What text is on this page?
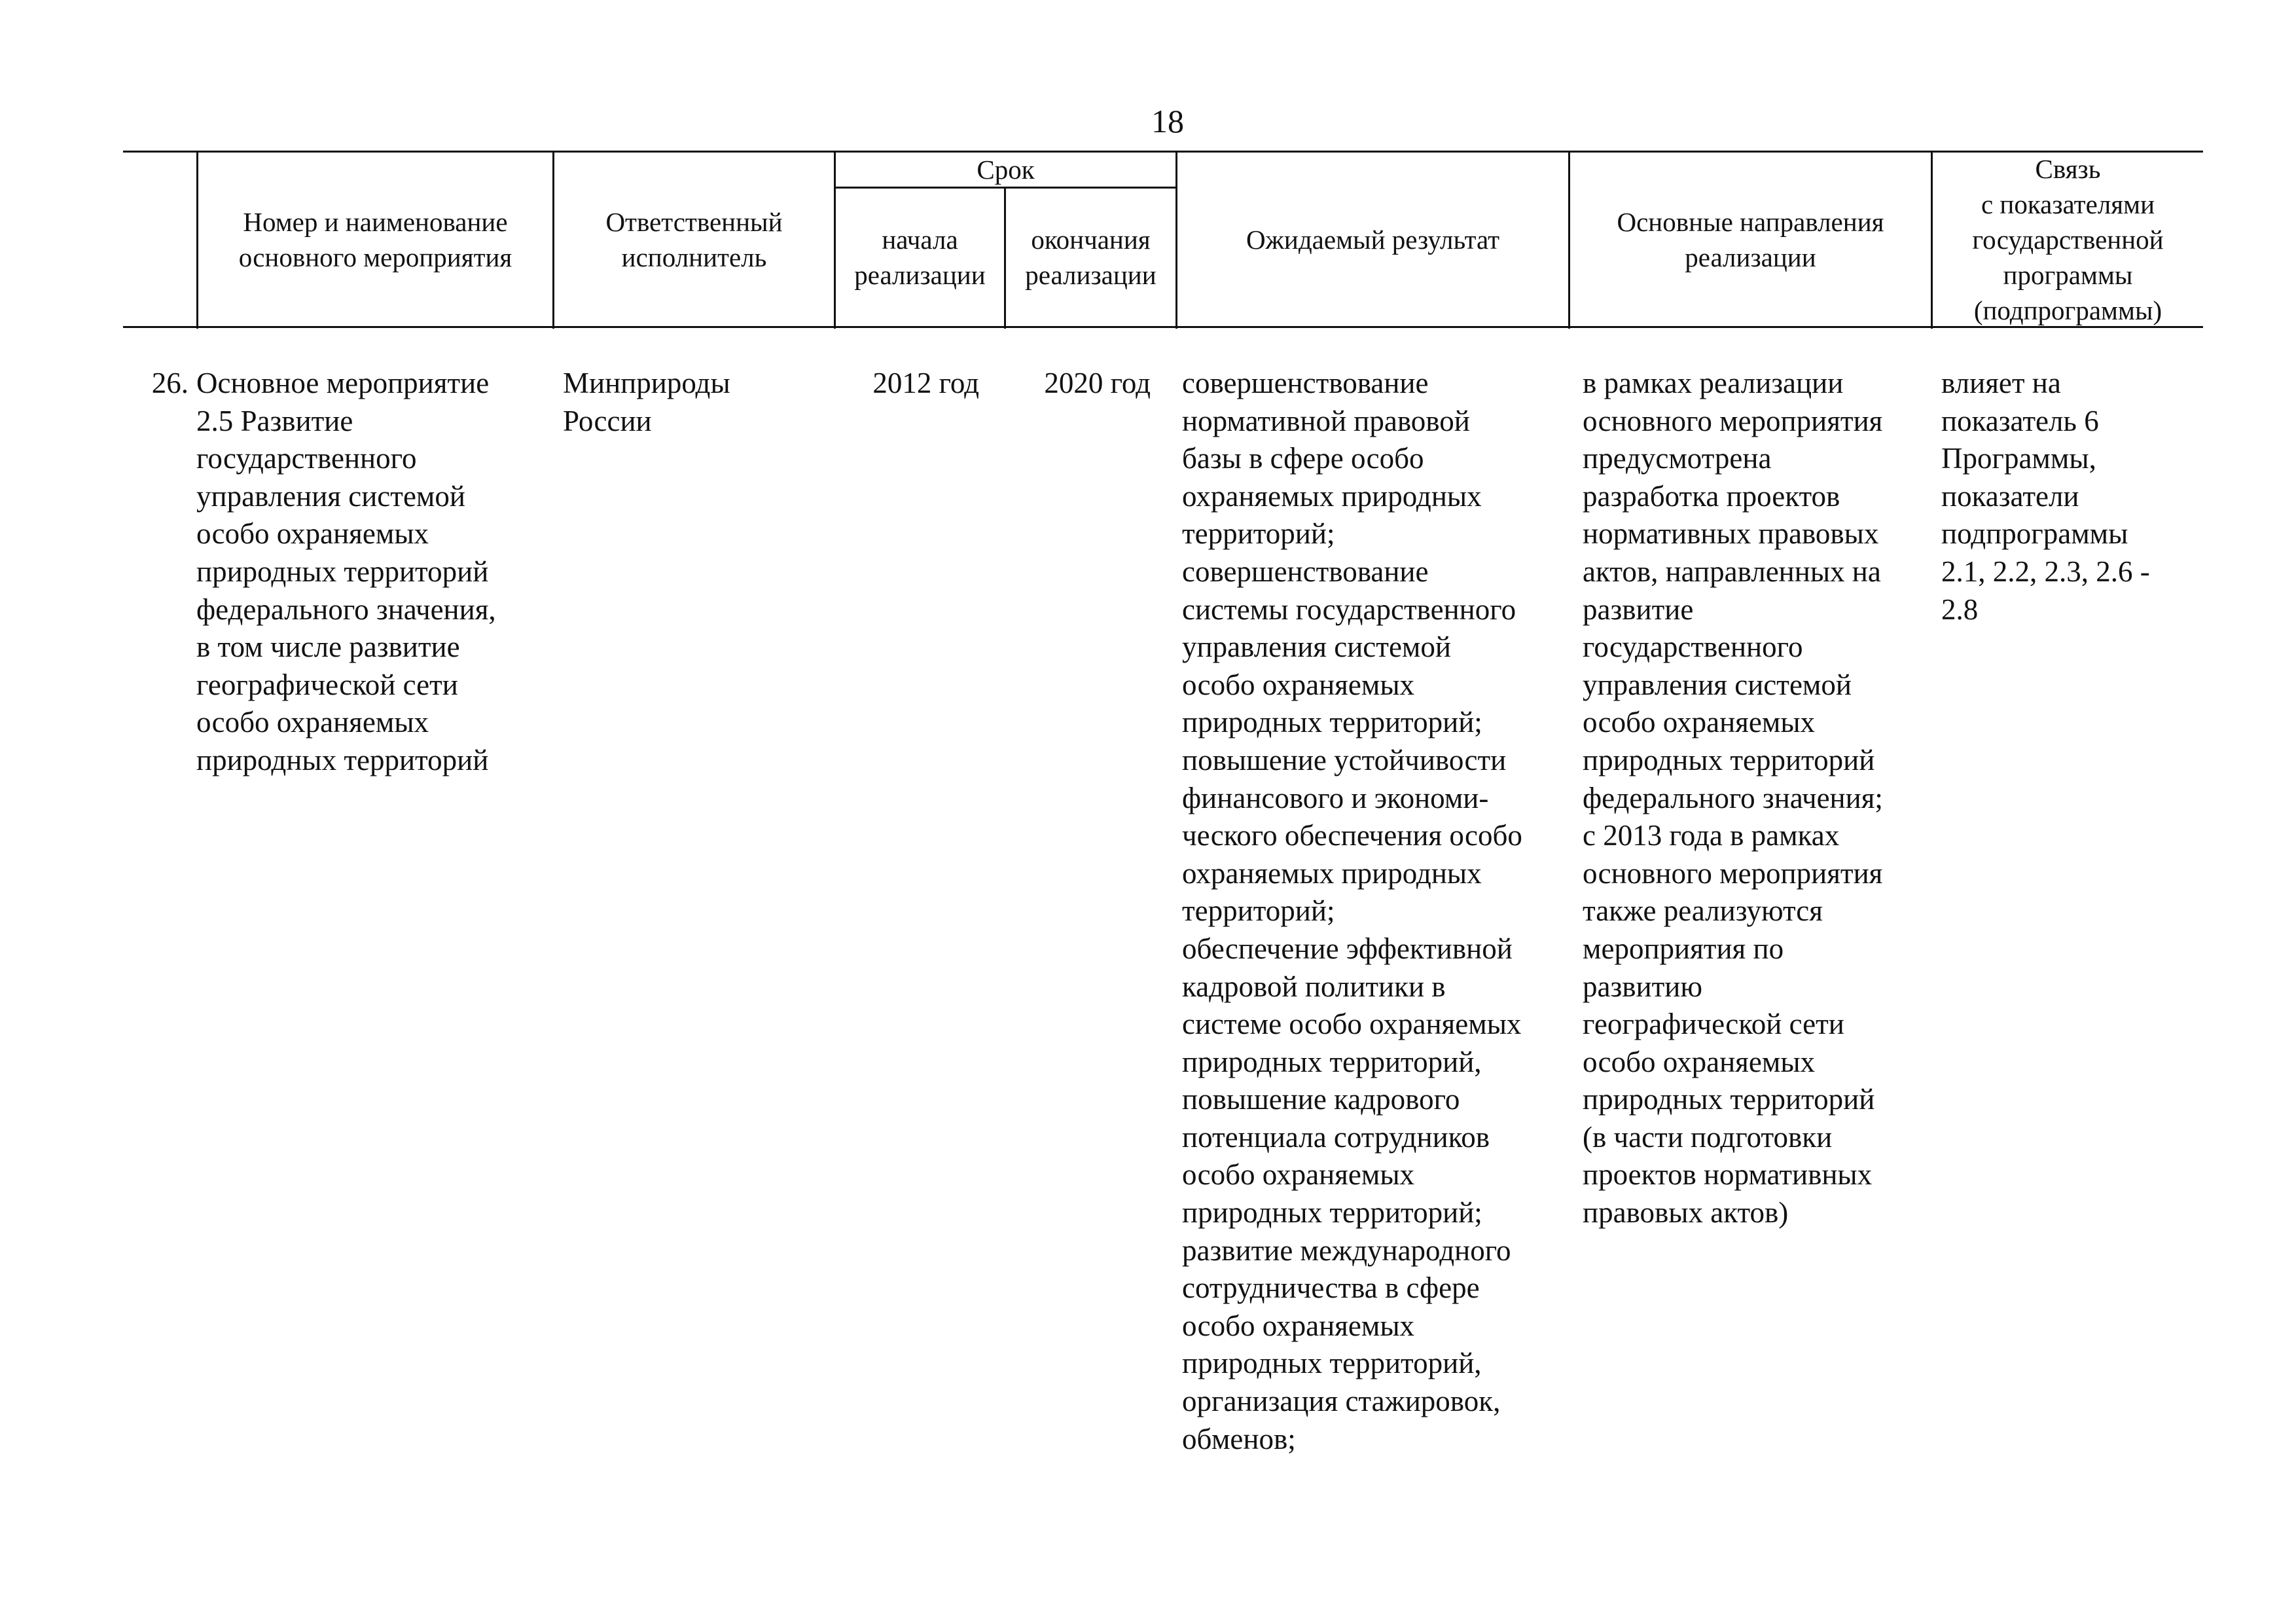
18
Номер и наименование
основного мероприятия
Ответственный
исполнитель
Срок
начала
реализации
окончания
реализации
Ожидаемый результат
Основные направления
реализации
Связь
с показателями
государственной
программы
(подпрограммы)
26. Основное мероприятие
2.5 Развитие
государственного
управления системой
особо охраняемых
природных территорий
федерального значения,
в том числе развитие
географической сети
особо охраняемых
природных территорий
Минприроды
России
2012 год	2020 год совершенствование
нормативной правовой
базы в сфере особо
охраняемых природных
территорий;
совершенствование
системы государственного
управления системой
особо охраняемых
природных территорий;
повышение устойчивости
финансового и экономи-
ческого обеспечения особо
охраняемых природных
территорий;
обеспечение эффективной
кадровой политики в
системе особо охраняемых
природных территорий,
повышение кадрового
потенциала сотрудников
особо охраняемых
природных территорий;
развитие международного
сотрудничества в сфере
особо охраняемых
природных территорий,
организация стажировок,
обменов;
в рамках реализации
основного мероприятия
предусмотрена
разработка проектов
нормативных правовых
актов, направленных на
развитие
государственного
управления системой
особо охраняемых
природных территорий
федерального значения;
с 2013 года в рамках
основного мероприятия
также реализуются
мероприятия по
развитию
географической сети
особо охраняемых
природных территорий
(в части подготовки
проектов нормативных
правовых актов)
влияет на
показатель 6
Программы,
показатели
подпрограммы
2.1, 2.2, 2.3, 2.6 -
2.8
